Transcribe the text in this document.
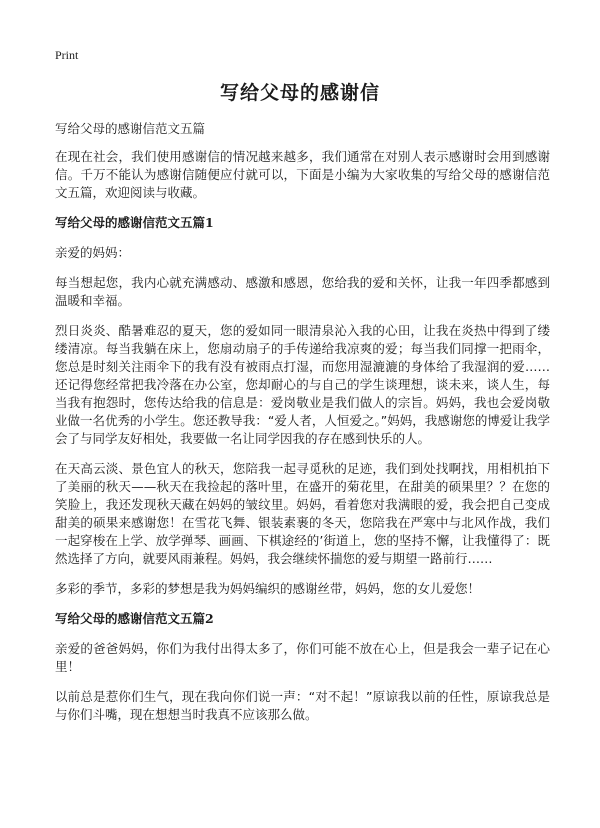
Print
写给父母的感谢信
写给父母的感谢信范文五篇

在现在社会，我们使用感谢信的情况越来越多，我们通常在对别人表示感谢时会用到感谢信。千万不能认为感谢信随便应付就可以，下面是小编为大家收集的写给父母的感谢信范文五篇，欢迎阅读与收藏。

写给父母的感谢信范文五篇1

亲爱的妈妈：

每当想起您，我内心就充满感动、感激和感恩，您给我的爱和关怀，让我一年四季都感到温暖和幸福。

烈日炎炎、酷暑难忍的夏天，您的爱如同一眼清泉沁入我的心田，让我在炎热中得到了缕缕清凉。每当我躺在床上，您扇动扇子的手传递给我凉爽的爱；每当我们同撑一把雨伞，您总是时刻关注雨伞下的我有没有被雨点打湿，而您用湿漉漉的身体给了我湿润的爱……还记得您经常把我冷落在办公室，您却耐心的与自己的学生谈理想，谈未来，谈人生，每当我有抱怨时，您传达给我的信息是：爱岗敬业是我们做人的宗旨。妈妈，我也会爱岗敬业做一名优秀的小学生。您还教导我：“爱人者，人恒爱之。”妈妈，我感谢您的博爱让我学会了与同学友好相处，我要做一名让同学因我的存在感到快乐的人。

在天高云淡、景色宜人的秋天，您陪我一起寻觅秋的足迹，我们到处找啊找，用相机拍下了美丽的秋天——秋天在我捡起的落叶里，在盛开的菊花里，在甜美的硕果里？？在您的笑脸上，我还发现秋天藏在妈妈的皱纹里。妈妈，看着您对我满眼的爱，我会把自己变成甜美的硕果来感谢您！在雪花飞舞、银装素裹的冬天，您陪我在严寒中与北风作战，我们一起穿梭在上学、放学弹琴、画画、下棋途经的’街道上，您的坚持不懈，让我懂得了：既然选择了方向，就要风雨兼程。妈妈，我会继续怀揣您的爱与期望一路前行……

多彩的季节，多彩的梦想是我为妈妈编织的感谢丝带，妈妈，您的女儿爱您！

写给父母的感谢信范文五篇2

亲爱的爸爸妈妈，你们为我付出得太多了，你们可能不放在心上，但是我会一辈子记在心里！

以前总是惹你们生气，现在我向你们说一声：“对不起！”原谅我以前的任性，原谅我总是与你们斗嘴，现在想想当时我真不应该那么做。
